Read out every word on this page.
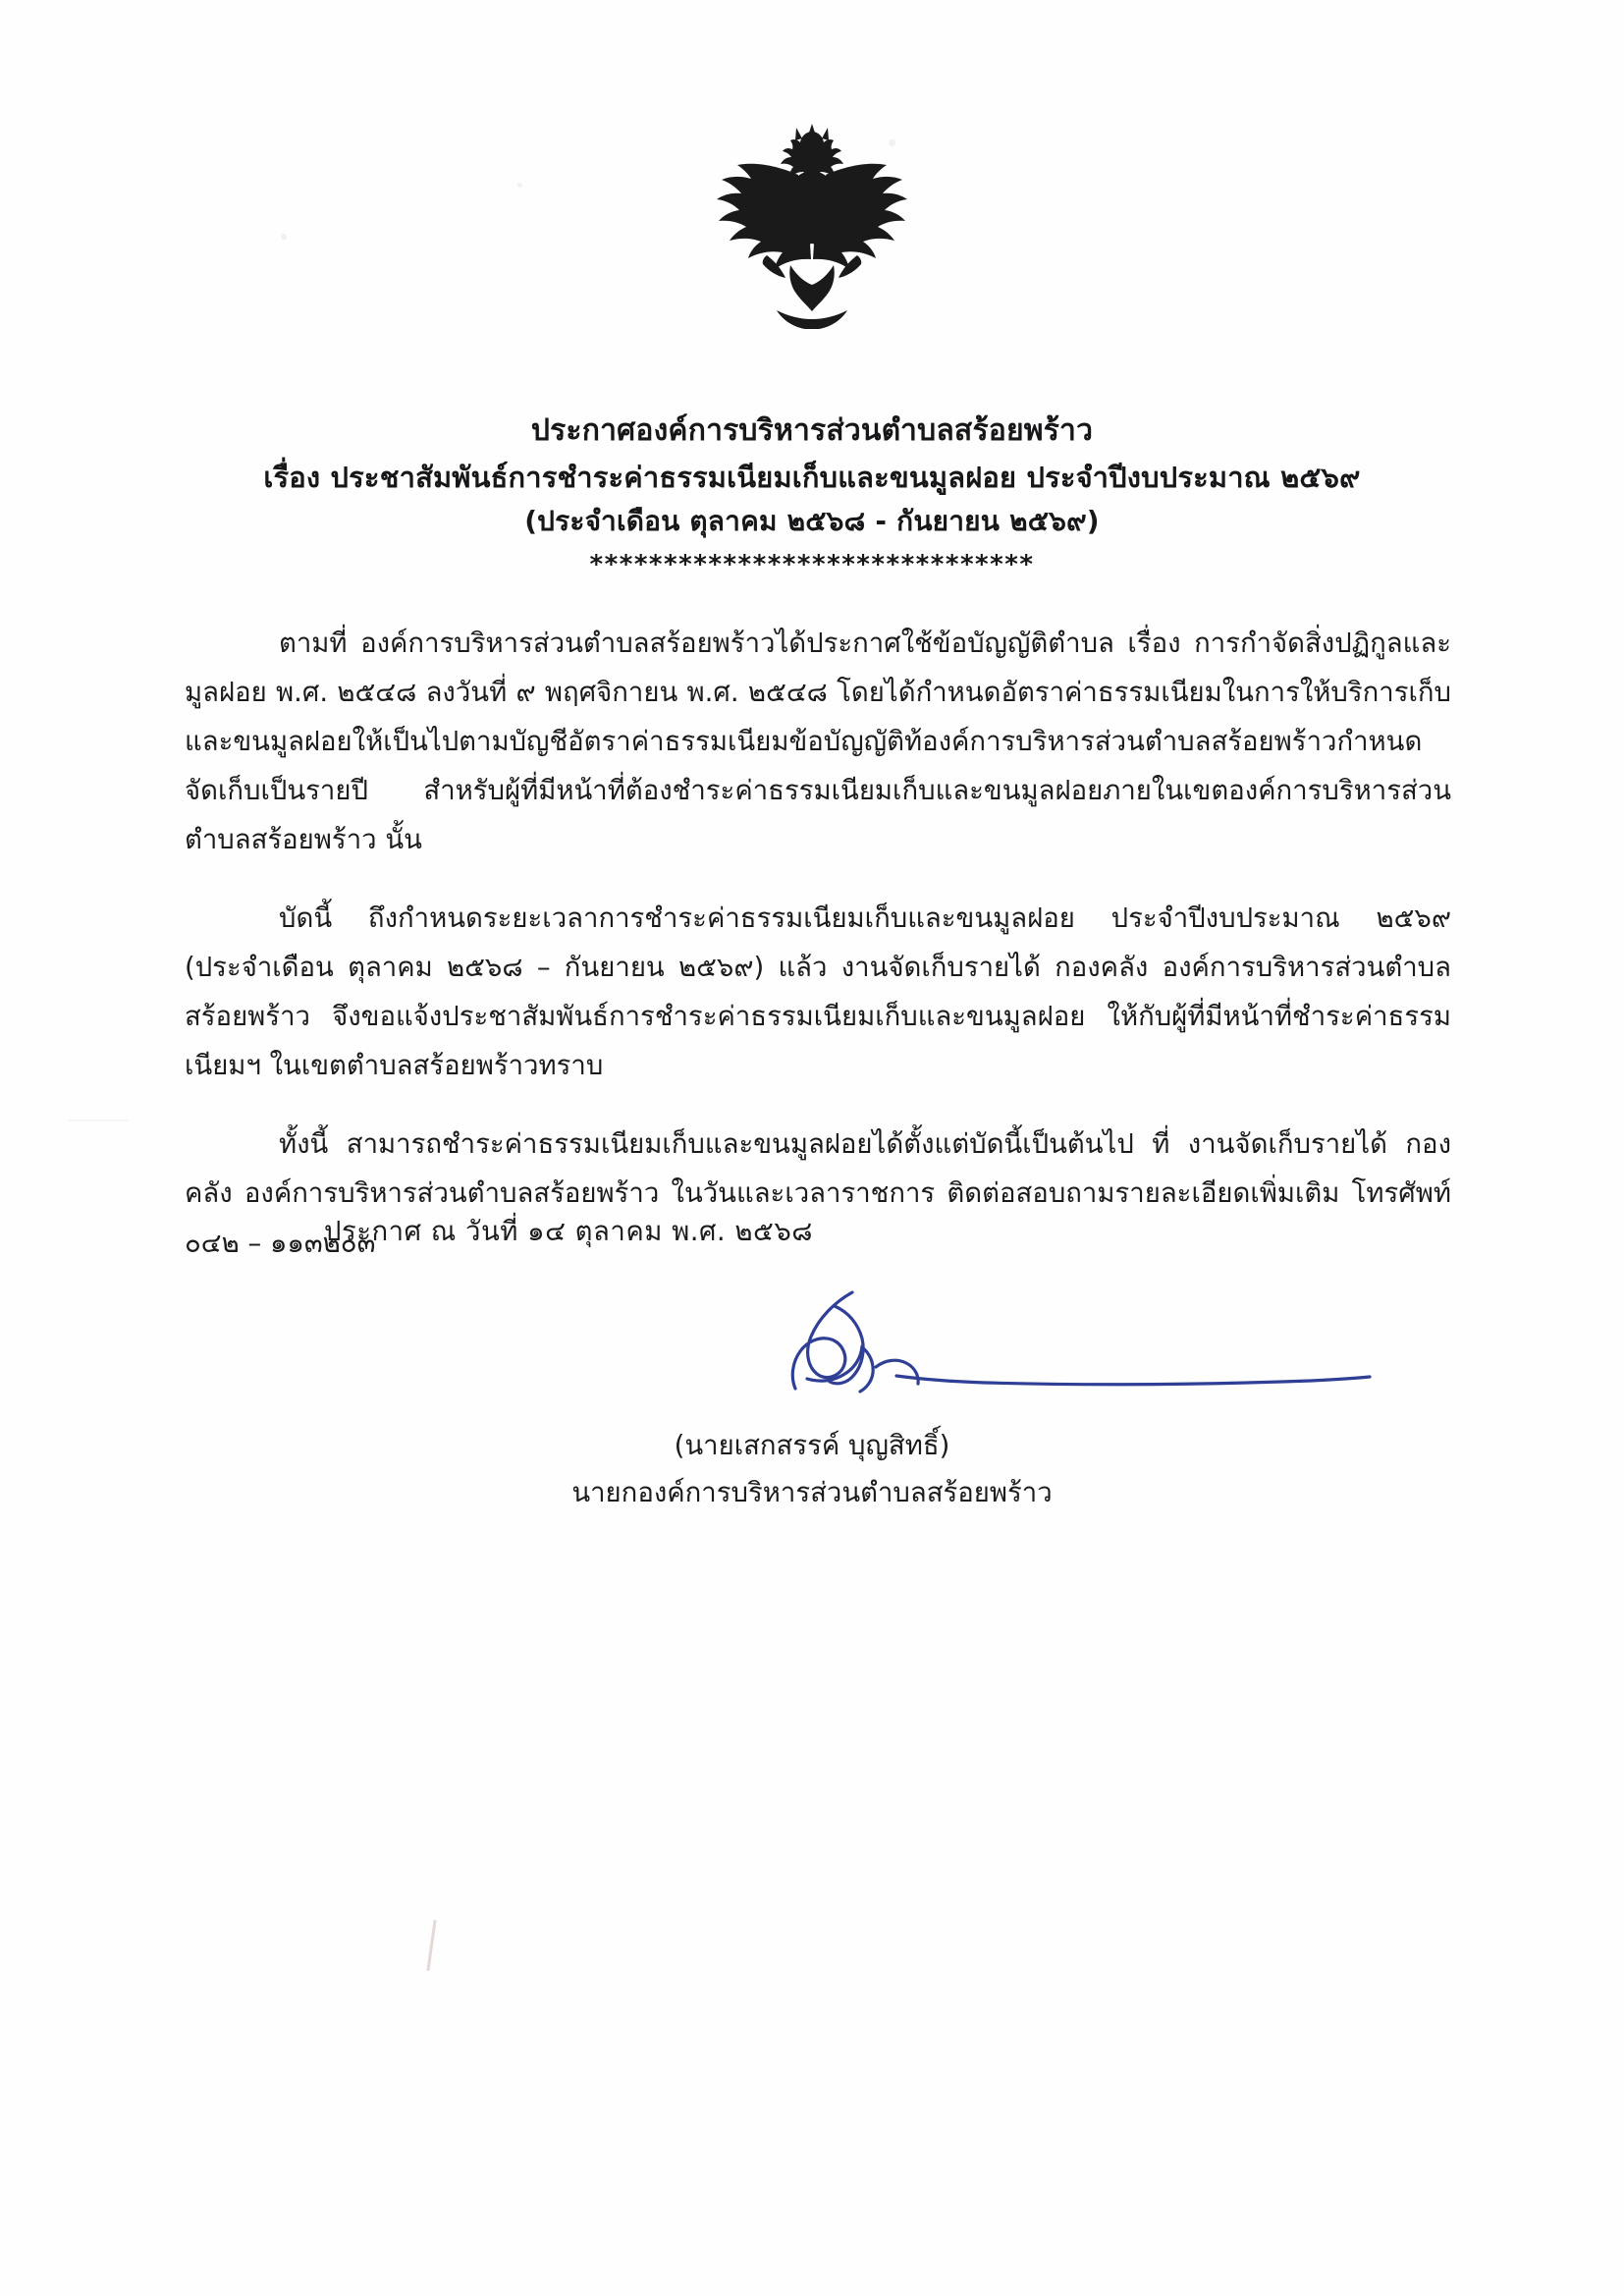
ประกาศองค์การบริหารส่วนตำบลสร้อยพร้าว
เรื่อง ประชาสัมพันธ์การชำระค่าธรรมเนียมเก็บและขนมูลฝอย ประจำปีงบประมาณ ๒๕๖๙
(ประจำเดือน ตุลาคม ๒๕๖๘ - กันยายน ๒๕๖๙)
******************************

ตามที่ องค์การบริหารส่วนตำบลสร้อยพร้าวได้ประกาศใช้ข้อบัญญัติตำบล เรื่อง การกำจัดสิ่งปฏิกูลและมูลฝอย พ.ศ. ๒๕๔๘ ลงวันที่ ๙ พฤศจิกายน พ.ศ. ๒๕๔๘ โดยได้กำหนดอัตราค่าธรรมเนียมในการให้บริการเก็บและขนมูลฝอยให้เป็นไปตามบัญชีอัตราค่าธรรมเนียมข้อบัญญัติท้องค์การบริหารส่วนตำบลสร้อยพร้าวกำหนดจัดเก็บเป็นรายปี สำหรับผู้ที่มีหน้าที่ต้องชำระค่าธรรมเนียมเก็บและขนมูลฝอยภายในเขตองค์การบริหารส่วนตำบลสร้อยพร้าว นั้น

บัดนี้ ถึงกำหนดระยะเวลาการชำระค่าธรรมเนียมเก็บและขนมูลฝอย ประจำปีงบประมาณ ๒๕๖๙ (ประจำเดือน ตุลาคม ๒๕๖๘ – กันยายน ๒๕๖๙) แล้ว งานจัดเก็บรายได้ กองคลัง องค์การบริหารส่วนตำบลสร้อยพร้าว จึงขอแจ้งประชาสัมพันธ์การชำระค่าธรรมเนียมเก็บและขนมูลฝอย ให้กับผู้ที่มีหน้าที่ชำระค่าธรรมเนียมฯ ในเขตตำบลสร้อยพร้าวทราบ

ทั้งนี้ สามารถชำระค่าธรรมเนียมเก็บและขนมูลฝอยได้ตั้งแต่บัดนี้เป็นต้นไป ที่ งานจัดเก็บรายได้ กองคลัง องค์การบริหารส่วนตำบลสร้อยพร้าว ในวันและเวลาราชการ ติดต่อสอบถามรายละเอียดเพิ่มเติม โทรศัพท์ ๐๔๒ – ๑๑๓๒๐๓

ประกาศ ณ วันที่ ๑๔ ตุลาคม พ.ศ. ๒๕๖๘
(นายเสกสรรค์ บุญสิทธิ์)
นายกองค์การบริหารส่วนตำบลสร้อยพร้าว
